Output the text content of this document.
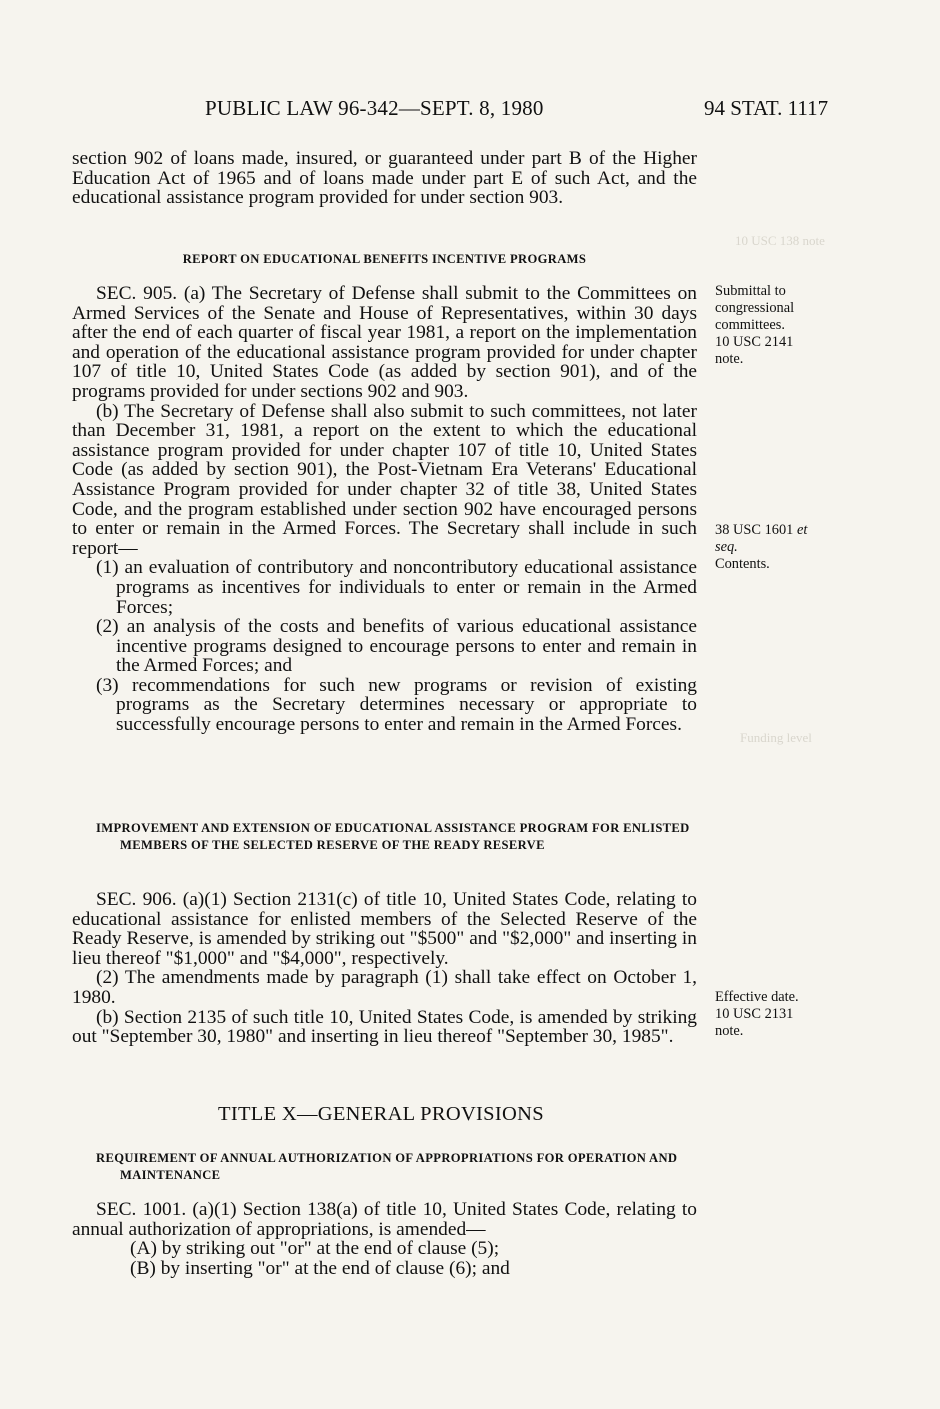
PUBLIC LAW 96-342—SEPT. 8, 1980	94 STAT. 1117
10 USC 138 note
Funding level

section 902 of loans made, insured, or guaranteed under part B of the Higher Education Act of 1965 and of loans made under part E of such Act, and the educational assistance program provided for under section 903.

REPORT ON EDUCATIONAL BENEFITS INCENTIVE PROGRAMS

SEC. 905. (a) The Secretary of Defense shall submit to the Committees on Armed Services of the Senate and House of Representatives, within 30 days after the end of each quarter of fiscal year 1981, a report on the implementation and operation of the educational assistance program provided for under chapter 107 of title 10, United States Code (as added by section 901), and of the programs provided for under sections 902 and 903.

(b) The Secretary of Defense shall also submit to such committees, not later than December 31, 1981, a report on the extent to which the educational assistance program provided for under chapter 107 of title 10, United States Code (as added by section 901), the Post-Vietnam Era Veterans' Educational Assistance Program provided for under chapter 32 of title 38, United States Code, and the program established under section 902 have encouraged persons to enter or remain in the Armed Forces. The Secretary shall include in such report—

(1) an evaluation of contributory and noncontributory educational assistance programs as incentives for individuals to enter or remain in the Armed Forces;

(2) an analysis of the costs and benefits of various educational assistance incentive programs designed to encourage persons to enter and remain in the Armed Forces; and

(3) recommendations for such new programs or revision of existing programs as the Secretary determines necessary or appropriate to successfully encourage persons to enter and remain in the Armed Forces.

IMPROVEMENT AND EXTENSION OF EDUCATIONAL ASSISTANCE PROGRAM FOR ENLISTED MEMBERS OF THE SELECTED RESERVE OF THE READY RESERVE

SEC. 906. (a)(1) Section 2131(c) of title 10, United States Code, relating to educational assistance for enlisted members of the Selected Reserve of the Ready Reserve, is amended by striking out "$500" and "$2,000" and inserting in lieu thereof "$1,000" and "$4,000", respectively.

(2) The amendments made by paragraph (1) shall take effect on October 1, 1980.

(b) Section 2135 of such title 10, United States Code, is amended by striking out "September 30, 1980" and inserting in lieu thereof "September 30, 1985".

TITLE X—GENERAL PROVISIONS
REQUIREMENT OF ANNUAL AUTHORIZATION OF APPROPRIATIONS FOR OPERATION AND MAINTENANCE

SEC. 1001. (a)(1) Section 138(a) of title 10, United States Code, relating to annual authorization of appropriations, is amended—

(A) by striking out "or" at the end of clause (5);

(B) by inserting "or" at the end of clause (6); and

Submittal to
congressional
committees.
10 USC 2141
note.
38 USC 1601 et
seq.
Contents.
Effective date.
10 USC 2131
note.
